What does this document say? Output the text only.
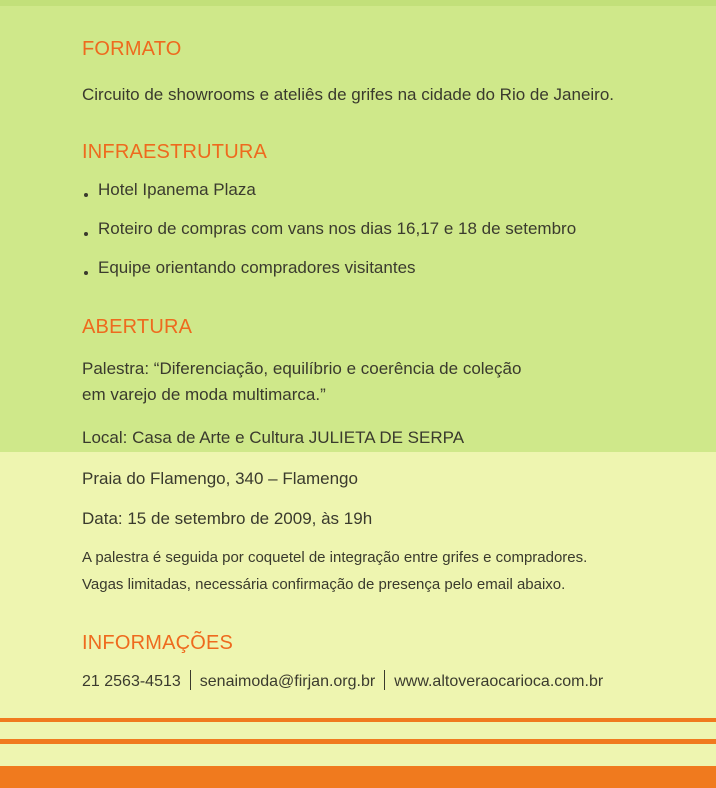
FORMATO

Circuito de showrooms e ateliês de grifes na cidade do Rio de Janeiro.

INFRAESTRUTURA
Hotel Ipanema Plaza
Roteiro de compras com vans nos dias 16,17 e 18 de setembro
Equipe orientando compradores visitantes
ABERTURA

Palestra: “Diferenciação, equilíbrio e coerência de coleção

em varejo de moda multimarca.”

Local: Casa de Arte e Cultura JULIETA DE SERPA

Praia do Flamengo, 340 – Flamengo

Data: 15 de setembro de 2009, às 19h

A palestra é seguida por coquetel de integração entre grifes e compradores.

Vagas limitadas, necessária confirmação de presença pelo email abaixo.

INFORMAÇÕES
21 2563-4513 senaimoda@firjan.org.br www.altoveraocarioca.com.br
